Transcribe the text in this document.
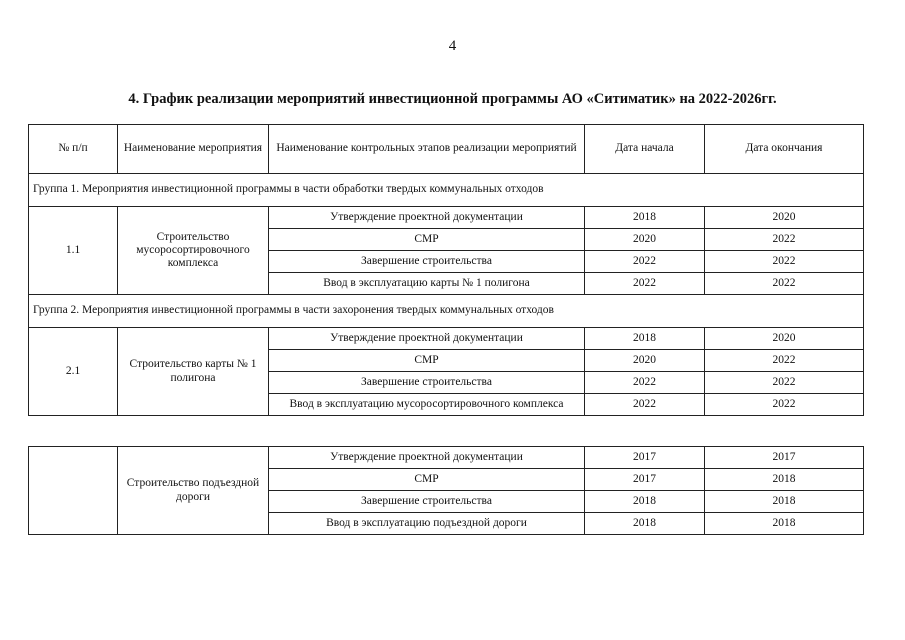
4
4. График реализации мероприятий инвестиционной программы АО «Ситиматик» на 2022-2026гг.
№ п/п	Наименование мероприятия	Наименование контрольных этапов реализации мероприятий	Дата начала	Дата окончания
Группа 1. Мероприятия инвестиционной программы в части обработки твердых коммунальных отходов				
1.1	Строительство мусоросортировочного комплекса	Утверждение проектной документации	2018	2020
		СМР	2020	2022
		Завершение строительства	2022	2022
		Ввод в эксплуатацию карты № 1 полигона	2022	2022
Группа 2. Мероприятия инвестиционной программы в части захоронения твердых коммунальных отходов				
2.1	Строительство карты № 1 полигона	Утверждение проектной документации	2018	2020
		СМР	2020	2022
		Завершение строительства	2022	2022
		Ввод в эксплуатацию мусоросортировочного комплекса	2022	2022
	Строительство подъездной дороги	Утверждение проектной документации	2017	2017
		СМР	2017	2018
		Завершение строительства	2018	2018
		Ввод в эксплуатацию подъездной дороги	2018	2018
